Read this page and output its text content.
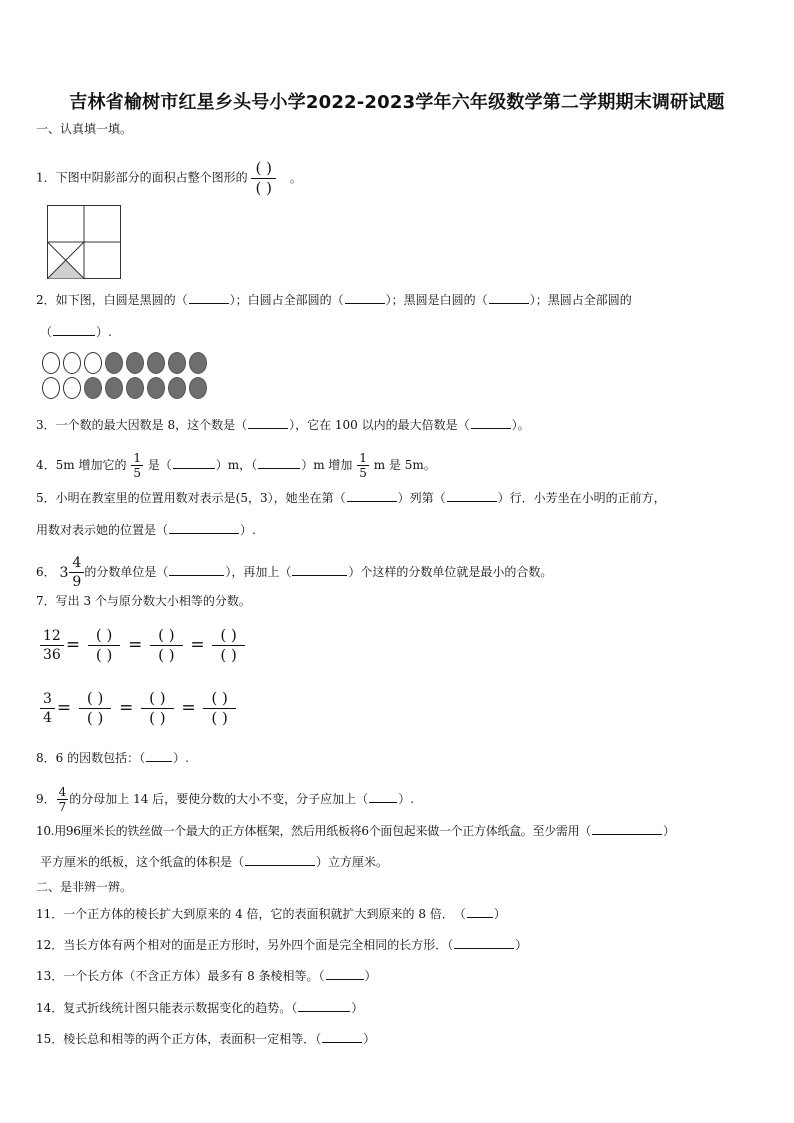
吉林省榆树市红星乡头号小学2022-2023学年六年级数学第二学期期末调研试题
一、认真填一填。
1．下图中阴影部分的面积占整个图形的 $\frac{( )}{( )}$ 。
2．如下图，白圆是黑圆的（	）；白圆占全部圆的（	）；黑圆是白圆的（	）；黑圆占全部圆的
（	）.
3．一个数的最大因数是 8，这个数是（	），它在 100 以内的最大倍数是（	）。
4．5m 增加它的 $\frac{1}{5}$ 是（	）m，（	）m 增加 $\frac{1}{5}$ m 是 5m。
5．小明在教室里的位置用数对表示是(5，3），她坐在第（	）列第（	）行．小芳坐在小明的正前方，
用数对表示她的位置是（	）.
6． 3
4
9
的分数单位是（	），再加上（	）个这样的分数单位就是最小的合数。
7．写出 3 个与原分数大小相等的分数。
$\frac{12}{36} = \frac{( )}{( )} = \frac{( )}{( )} = \frac{( )}{( )}$
$\frac{3}{4} = \frac{( )}{( )} = \frac{( )}{( )} = \frac{( )}{( )}$
8．6 的因数包括：（ ）.
9． $\frac{4}{7}$ 的分母加上 14 后，要使分数的大小不变，分子应加上（	）.
10.用96厘米长的铁丝做一个最大的正方体框架，然后用纸板将6个面包起来做一个正方体纸盒。至少需用（	）
平方厘米的纸板，这个纸盒的体积是（	）立方厘米。
二、是非辨一辨。
11．一个正方体的棱长扩大到原来的 4 倍，它的表面积就扩大到原来的 8 倍．　（ ）
12．当长方体有两个相对的面是正方形时，另外四个面是完全相同的长方形．（	）
13．一个长方体（不含正方体）最多有 8 条棱相等。（	）
14．复式折线统计图只能表示数据变化的趋势。（	）
15．棱长总和相等的两个正方体，表面积一定相等．（	）
